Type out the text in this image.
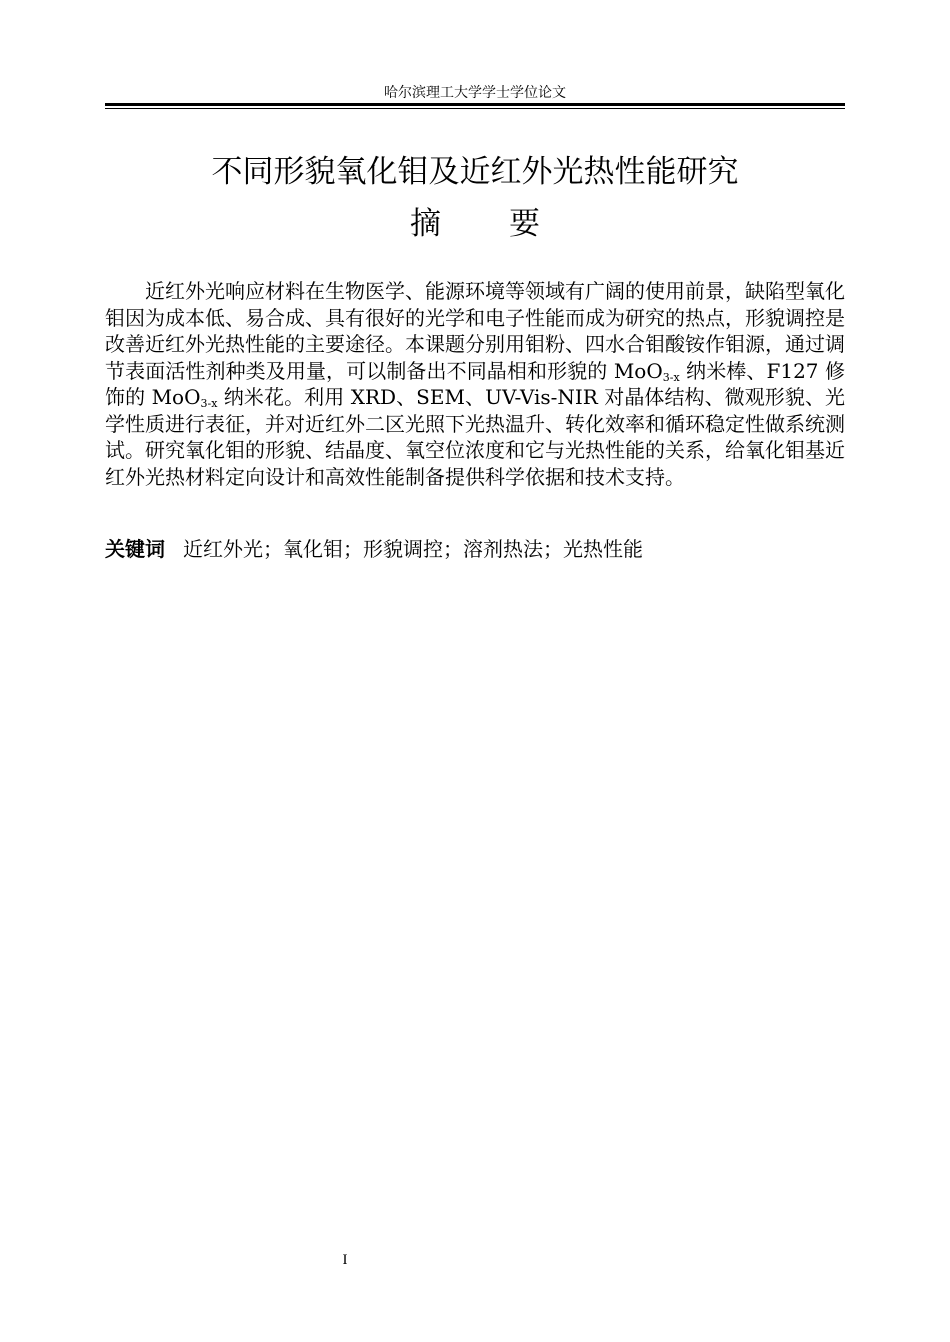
哈尔滨理工大学学士学位论文
不同形貌氧化钼及近红外光热性能研究
摘要

近红外光响应材料在生物医学、能源环境等领域有广阔的使用前景，缺陷型氧化钼因为成本低、易合成、具有很好的光学和电子性能而成为研究的热点，形貌调控是改善近红外光热性能的主要途径。本课题分别用钼粉、四水合钼酸铵作钼源，通过调节表面活性剂种类及用量，可以制备出不同晶相和形貌的 MoO$_{3-x}$ 纳米棒、F127 修饰的 MoO$_{3-x}$ 纳米花。利用 XRD、SEM、UV-Vis-NIR 对晶体结构、微观形貌、光学性质进行表征，并对近红外二区光照下光热温升、转化效率和循环稳定性做系统测试。研究氧化钼的形貌、结晶度、氧空位浓度和它与光热性能的关系，给氧化钼基近红外光热材料定向设计和高效性能制备提供科学依据和技术支持。

关键词 近红外光；氧化钼；形貌调控；溶剂热法；光热性能
I
